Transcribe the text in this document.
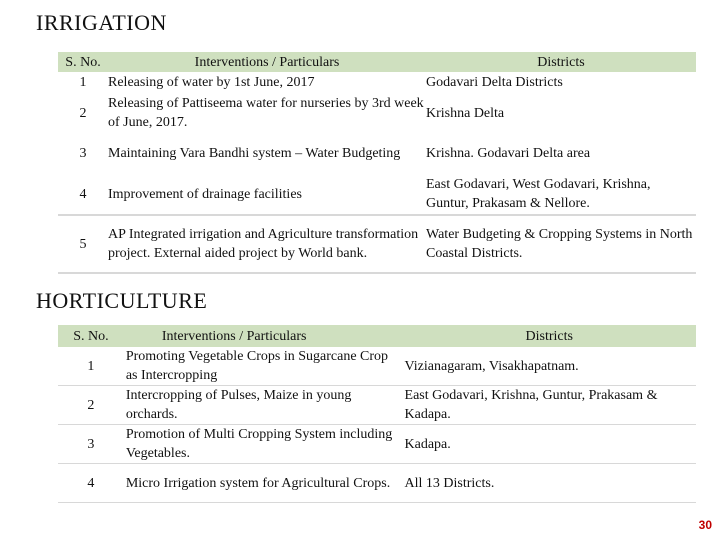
IRRIGATION
S. No.	Interventions / Particulars	Districts
1	Releasing of water by 1st June, 2017	Godavari Delta Districts
2	Releasing of Pattiseema water for nurseries by 3rd week of June, 2017.	Krishna Delta
3	Maintaining Vara Bandhi system – Water Budgeting	Krishna. Godavari Delta area
4	Improvement of drainage facilities	East Godavari, West Godavari, Krishna, Guntur, Prakasam & Nellore.
5	AP Integrated irrigation and Agriculture transformation project. External aided project by World bank.	Water Budgeting & Cropping Systems in North Coastal Districts.
HORTICULTURE
S. No.	Interventions / Particulars	Districts
1	Promoting Vegetable Crops in Sugarcane Crop as Intercropping	Vizianagaram, Visakhapatnam.
2	Intercropping of Pulses, Maize in young orchards.	East Godavari, Krishna, Guntur, Prakasam & Kadapa.
3	Promotion of Multi Cropping System including Vegetables.	Kadapa.
4	Micro Irrigation system for Agricultural Crops.	All 13 Districts.
30
